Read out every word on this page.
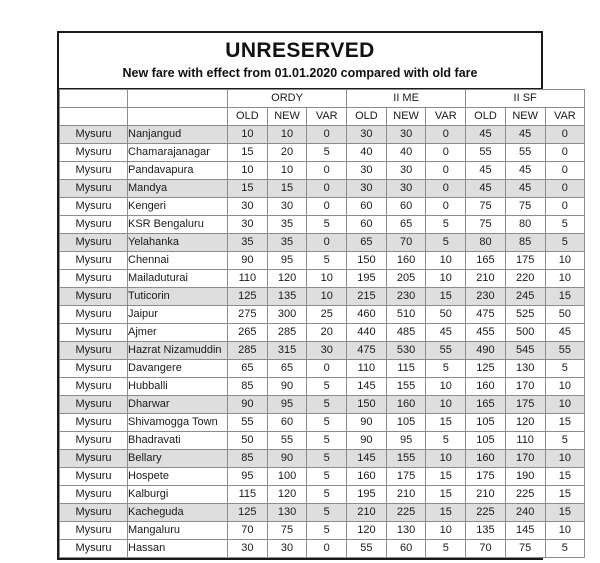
UNRESERVED
New fare with effect from 01.01.2020 compared with old fare
		ORDY			II ME			II SF		
		OLD	NEW	VAR	OLD	NEW	VAR	OLD	NEW	VAR
Mysuru	Nanjangud	10	10	0	30	30	0	45	45	0
Mysuru	Chamarajanagar	15	20	5	40	40	0	55	55	0
Mysuru	Pandavapura	10	10	0	30	30	0	45	45	0
Mysuru	Mandya	15	15	0	30	30	0	45	45	0
Mysuru	Kengeri	30	30	0	60	60	0	75	75	0
Mysuru	KSR Bengaluru	30	35	5	60	65	5	75	80	5
Mysuru	Yelahanka	35	35	0	65	70	5	80	85	5
Mysuru	Chennai	90	95	5	150	160	10	165	175	10
Mysuru	Mailaduturai	110	120	10	195	205	10	210	220	10
Mysuru	Tuticorin	125	135	10	215	230	15	230	245	15
Mysuru	Jaipur	275	300	25	460	510	50	475	525	50
Mysuru	Ajmer	265	285	20	440	485	45	455	500	45
Mysuru	Hazrat Nizamuddin	285	315	30	475	530	55	490	545	55
Mysuru	Davangere	65	65	0	110	115	5	125	130	5
Mysuru	Hubballi	85	90	5	145	155	10	160	170	10
Mysuru	Dharwar	90	95	5	150	160	10	165	175	10
Mysuru	Shivamogga Town	55	60	5	90	105	15	105	120	15
Mysuru	Bhadravati	50	55	5	90	95	5	105	110	5
Mysuru	Bellary	85	90	5	145	155	10	160	170	10
Mysuru	Hospete	95	100	5	160	175	15	175	190	15
Mysuru	Kalburgi	115	120	5	195	210	15	210	225	15
Mysuru	Kacheguda	125	130	5	210	225	15	225	240	15
Mysuru	Mangaluru	70	75	5	120	130	10	135	145	10
Mysuru	Hassan	30	30	0	55	60	5	70	75	5
